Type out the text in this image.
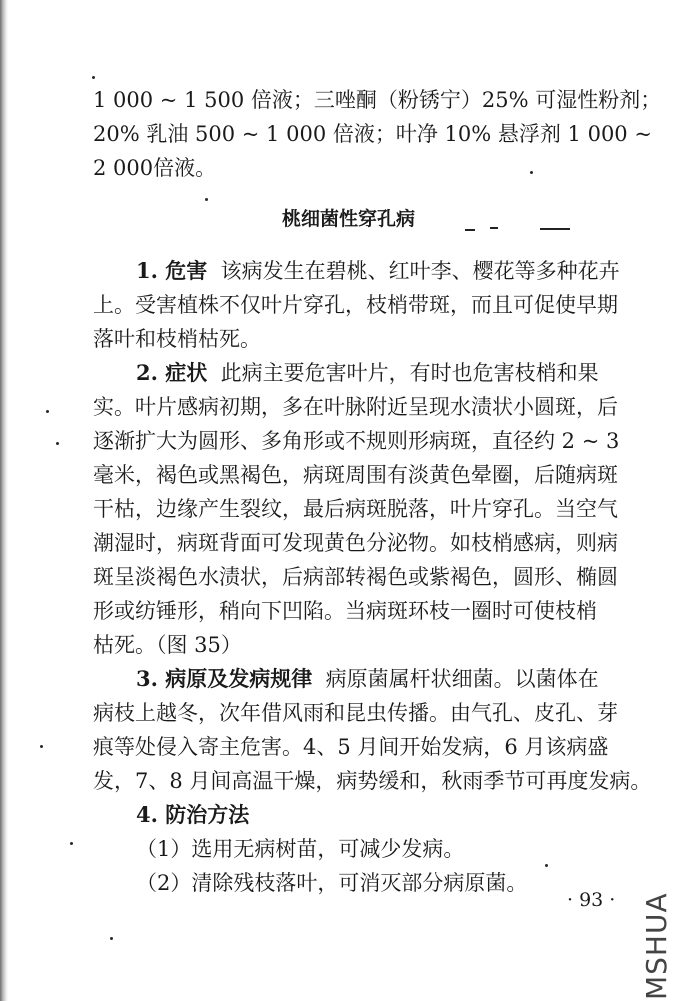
1 000 ~ 1 500 倍液；三唑酮（粉锈宁）25% 可湿性粉剂；
20% 乳油 500 ~ 1 000 倍液；叶净 10% 悬浮剂 1 000 ~
2 000倍液。
桃细菌性穿孔病
1. 危害 该病发生在碧桃、红叶李、樱花等多种花卉
上。受害植株不仅叶片穿孔，枝梢带斑，而且可促使早期
落叶和枝梢枯死。
2. 症状 此病主要危害叶片，有时也危害枝梢和果
实。叶片感病初期，多在叶脉附近呈现水渍状小圆斑，后
逐渐扩大为圆形、多角形或不规则形病斑，直径约 2 ~ 3
毫米，褐色或黑褐色，病斑周围有淡黄色晕圈，后随病斑
干枯，边缘产生裂纹，最后病斑脱落，叶片穿孔。当空气
潮湿时，病斑背面可发现黄色分泌物。如枝梢感病，则病
斑呈淡褐色水渍状，后病部转褐色或紫褐色，圆形、椭圆
形或纺锤形，稍向下凹陷。当病斑环枝一圈时可使枝梢
枯死。（图 35）
3. 病原及发病规律 病原菌属杆状细菌。以菌体在
病枝上越冬，次年借风雨和昆虫传播。由气孔、皮孔、芽
痕等处侵入寄主危害。4、5 月间开始发病，6 月该病盛
发，7、8 月间高温干燥，病势缓和，秋雨季节可再度发病。
4. 防治方法
（1）选用无病树苗，可减少发病。
（2）清除残枝落叶，可消灭部分病原菌。
· 93 · MSHUA
